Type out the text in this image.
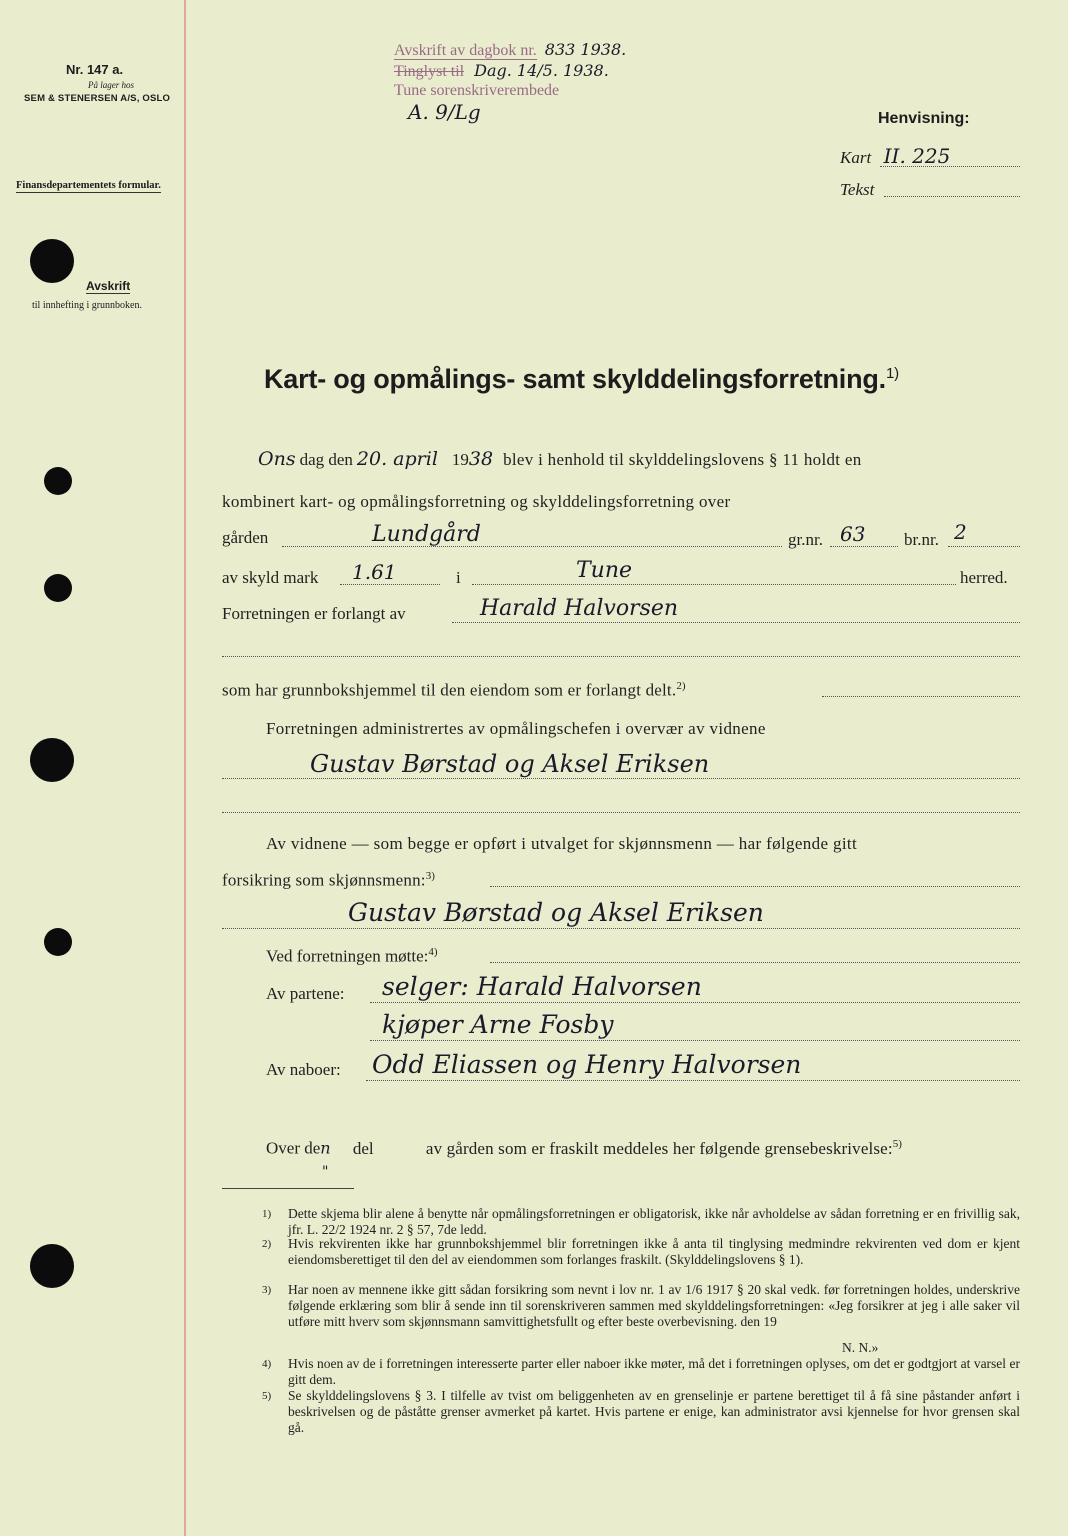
Nr. 147 a.
På lager hos
SEM & STENERSEN A/S, OSLO
Finansdepartementets formular.
Avskrift
til innhefting i grunnboken.
Avskrift av dagbok nr. 833 1938.
Tinglyst til Dag. 14/5. 1938.
Tune sorenskriverembede
A. 9/Lg	Henvisning:
Kart II. 225
Tekst
Kart- og opmålings- samt skylddelingsforretning.$^{1)}$
Ons dag den 20. april 1938 blev i henhold til skylddelingslovens § 11 holdt en
kombinert kart- og opmålingsforretning og skylddelingsforretning over
gården	Lundgård	gr.nr. 63 br.nr. 2
av skyld mark 1.61	i	Tune	herred.
Forretningen er forlangt av	Harald Halvorsen
som har grunnbokshjemmel til den eiendom som er forlangt delt.$^{2)}$
Forretningen administrertes av opmålingschefen i overvær av vidnene
Gustav Børstad og Aksel Eriksen
Av vidnene — som begge er opført i utvalget for skjønnsmenn — har følgende gitt
forsikring som skjønnsmenn:$^{3)}$
Gustav Børstad og Aksel Eriksen
Ved forretningen møtte:$^{4)}$
Av partene: selger: Harald Halvorsen
kjøper Arne Fosby
Av naboer: Odd Eliassen og Henry Halvorsen
Over den del	av gården som er fraskilt meddeles her følgende grensebeskrivelse:$^{5)}$
"
1) Dette skjema blir alene å benytte når opmålingsforretningen er obligatorisk, ikke når avholdelse av sådan forretning er en frivillig sak, jfr. L. 22/2 1924 nr. 2 § 57, 7de ledd.
2) Hvis rekvirenten ikke har grunnbokshjemmel blir forretningen ikke å anta til tinglysing medmindre rekvirenten ved dom er kjent eiendomsberettiget til den del av eiendommen som forlanges fraskilt. (Skylddelingslovens § 1).
3) Har noen av mennene ikke gitt sådan forsikring som nevnt i lov nr. 1 av 1/6 1917 § 20 skal vedk. før forretningen holdes, underskrive følgende erklæring som blir å sende inn til sorenskriveren sammen med skylddelingsforretningen: «Jeg forsikrer at jeg i alle saker vil utføre mitt hverv som skjønnsmann samvittighetsfullt og efter beste overbevisning. den 19
N. N.»
4) Hvis noen av de i forretningen interesserte parter eller naboer ikke møter, må det i forretningen oplyses, om det er godtgjort at varsel er gitt dem.
5) Se skylddelingslovens § 3. I tilfelle av tvist om beliggenheten av en grenselinje er partene berettiget til å få sine påstander anført i beskrivelsen og de påståtte grenser avmerket på kartet. Hvis partene er enige, kan administrator avsi kjennelse for hvor grensen skal gå.
